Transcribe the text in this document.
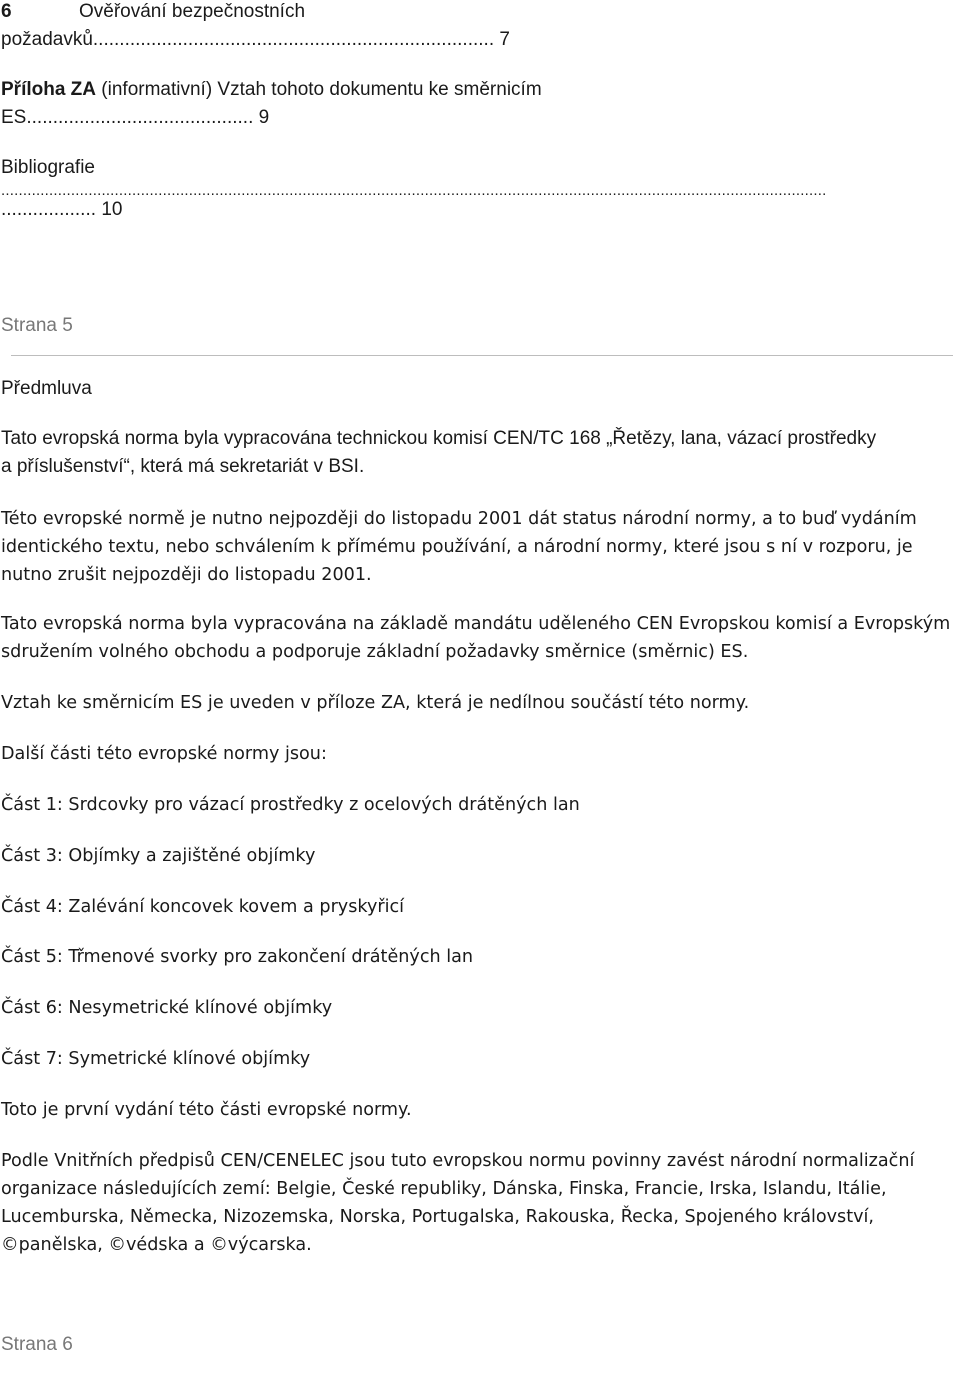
6	Ověřování bezpečnostních
požadavků............................................................................ 7
Příloha ZA (informativní) Vztah tohoto dokumentu ke směrnicím
ES........................................... 9
Bibliografie
.............................................................................................................................................................................................
.................. 10
Strana 5
Předmluva
Tato evropská norma byla vypracována technickou komisí CEN/TC 168 „Řetězy, lana, vázací prostředky a příslušenství“, která má sekretariát v BSI.
Této evropské normě je nutno nejpozději do listopadu 2001 dát status národní normy, a to buď vydáním identického textu, nebo schválením k přímému používání, a národní normy, které jsou s ní v rozporu, je nutno zrušit nejpozději do listopadu 2001.
Tato evropská norma byla vypracována na základě mandátu uděleného CEN Evropskou komisí a Evropským sdružením volného obchodu a podporuje základní požadavky směrnice (směrnic) ES.
Vztah ke směrnicím ES je uveden v příloze ZA, která je nedílnou součástí této normy.
Další části této evropské normy jsou:
Část 1: Srdcovky pro vázací prostředky z ocelových drátěných lan
Část 3: Objímky a zajištěné objímky
Část 4: Zalévání koncovek kovem a pryskyřicí
Část 5: Třmenové svorky pro zakončení drátěných lan
Část 6: Nesymetrické klínové objímky
Část 7: Symetrické klínové objímky
Toto je první vydání této části evropské normy.
Podle Vnitřních předpisů CEN/CENELEC jsou tuto evropskou normu povinny zavést národní normalizační organizace následujících zemí: Belgie, České republiky, Dánska, Finska, Francie, Irska, Islandu, Itálie, Lucemburska, Německa, Nizozemska, Norska, Portugalska, Rakouska, Řecka, Spojeného království, ©panělska, ©védska a ©výcarska.
Strana 6
